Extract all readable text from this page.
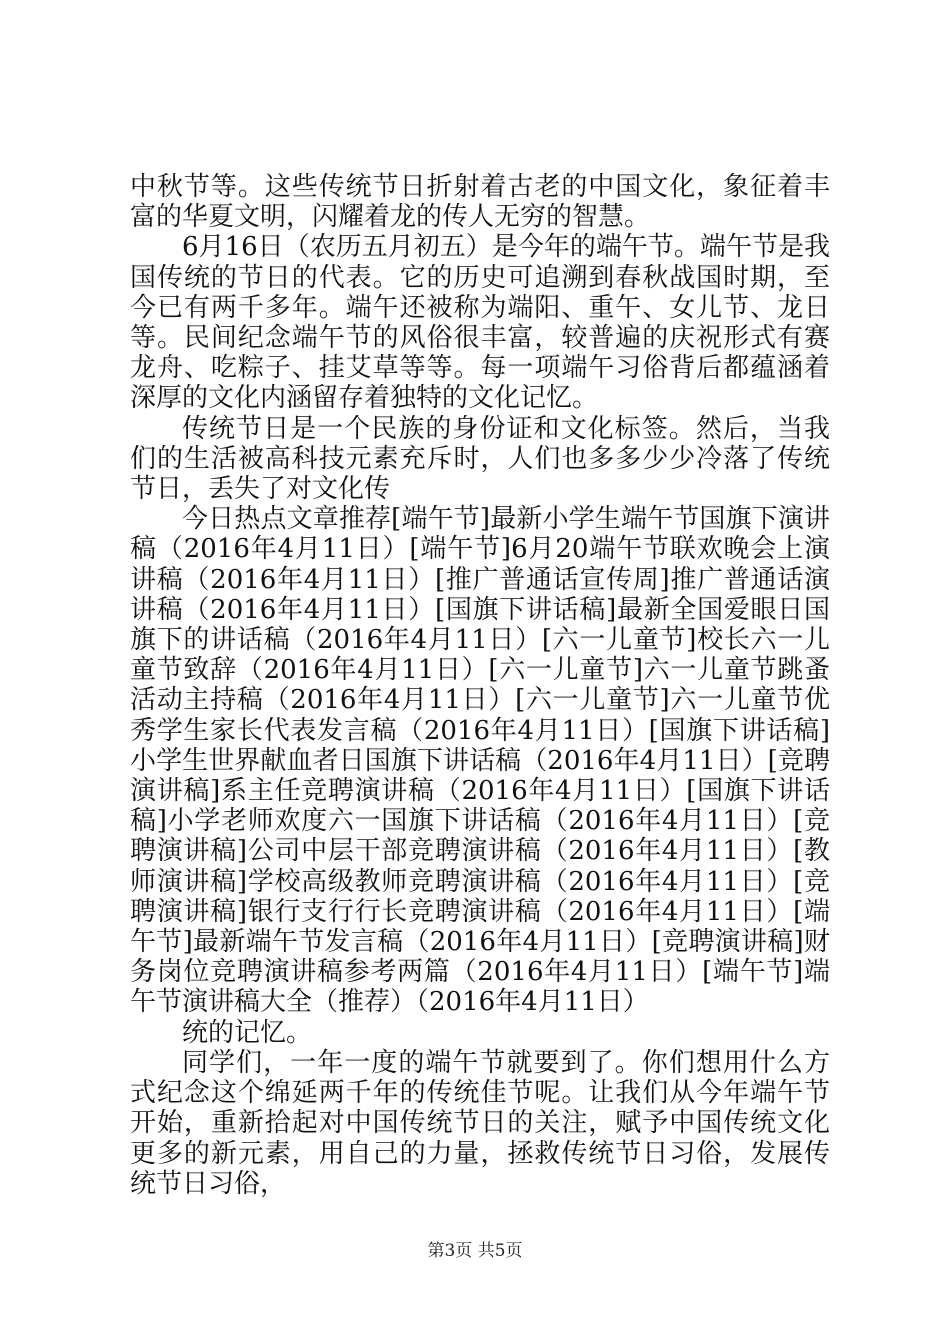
中秋节等。这些传统节日折射着古老的中国文化，象征着丰富的华夏文明，闪耀着龙的传人无穷的智慧。

6月16日（农历五月初五）是今年的端午节。端午节是我国传统的节日的代表。它的历史可追溯到春秋战国时期，至今已有两千多年。端午还被称为端阳、重午、女儿节、龙日等。民间纪念端午节的风俗很丰富，较普遍的庆祝形式有赛龙舟、吃粽子、挂艾草等等。每一项端午习俗背后都蕴涵着深厚的文化内涵留存着独特的文化记忆。

传统节日是一个民族的身份证和文化标签。然后，当我们的生活被高科技元素充斥时，人们也多多少少冷落了传统节日，丢失了对文化传

今日热点文章推荐[端午节]最新小学生端午节国旗下演讲稿（2016年4月11日）[端午节]6月20端午节联欢晚会上演讲稿（2016年4月11日）[推广普通话宣传周]推广普通话演讲稿（2016年4月11日）[国旗下讲话稿]最新全国爱眼日国旗下的讲话稿（2016年4月11日）[六一儿童节]校长六一儿童节致辞（2016年4月11日）[六一儿童节]六一儿童节跳蚤活动主持稿（2016年4月11日）[六一儿童节]六一儿童节优秀学生家长代表发言稿（2016年4月11日）[国旗下讲话稿]小学生世界献血者日国旗下讲话稿（2016年4月11日）[竞聘演讲稿]系主任竞聘演讲稿（2016年4月11日）[国旗下讲话稿]小学老师欢度六一国旗下讲话稿（2016年4月11日）[竞聘演讲稿]公司中层干部竞聘演讲稿（2016年4月11日）[教师演讲稿]学校高级教师竞聘演讲稿（2016年4月11日）[竞聘演讲稿]银行支行行长竞聘演讲稿（2016年4月11日）[端午节]最新端午节发言稿（2016年4月11日）[竞聘演讲稿]财务岗位竞聘演讲稿参考两篇（2016年4月11日）[端午节]端午节演讲稿大全（推荐）（2016年4月11日）

统的记忆。

同学们，一年一度的端午节就要到了。你们想用什么方式纪念这个绵延两千年的传统佳节呢。让我们从今年端午节开始，重新拾起对中国传统节日的关注，赋予中国传统文化更多的新元素，用自己的力量，拯救传统节日习俗，发展传统节日习俗，

第3页 共5页
